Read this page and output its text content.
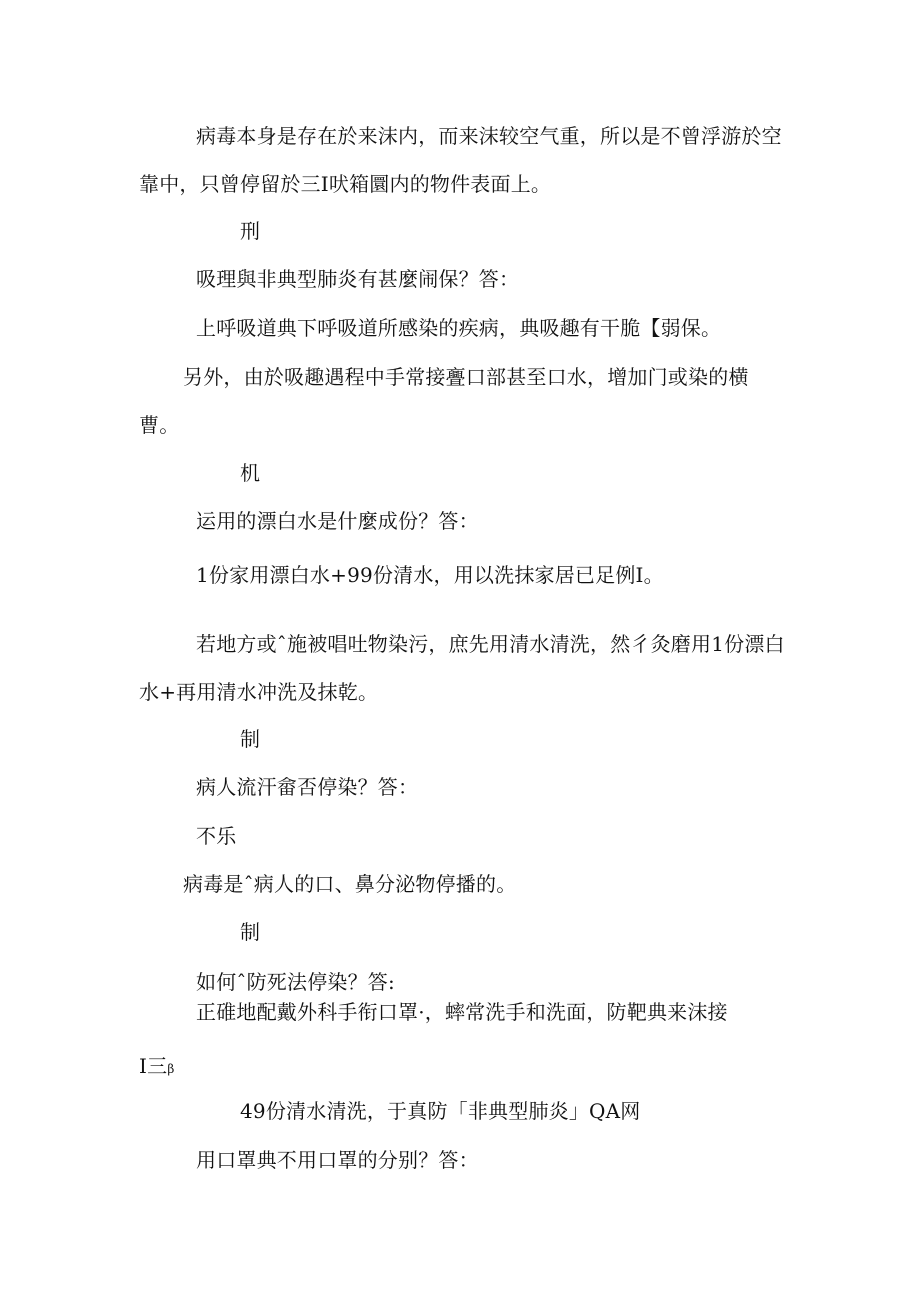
病毒本身是存在於来沫内，而来沫较空气重，所以是不曾浮游於空
靠中，只曾停留於三I吠箱圜内的物件表面上。
刑
吸理與非典型肺炎有甚麼闹保？答：
上呼吸道典下呼吸道所感染的疾病，典吸趣有干脆【弱保。
另外，由於吸趣遇程中手常接亹口部甚至口水，增加门或染的横
曹。
机
运用的漂白水是什麼成份？答：
1份家用漂白水+99份清水，用以洗抹家居已足例I。
若地方或ˆ施被唱吐物染污，庶先用清水清洗，然彳灸磨用1份漂白
水+再用清水冲洗及抹乾。
制
病人流汗畲否停染？答：
不乐
病毒是ˆ病人的口、鼻分泌物停播的。
制
如何ˆ防死法停染？答:
正碓地配戴外科手衔口罩·，蟀常洗手和洗面，防靶典来沫接
I三β
49份清水清洗，于真防「非典型肺炎」QA网
用口罩典不用口罩的分别？答：
